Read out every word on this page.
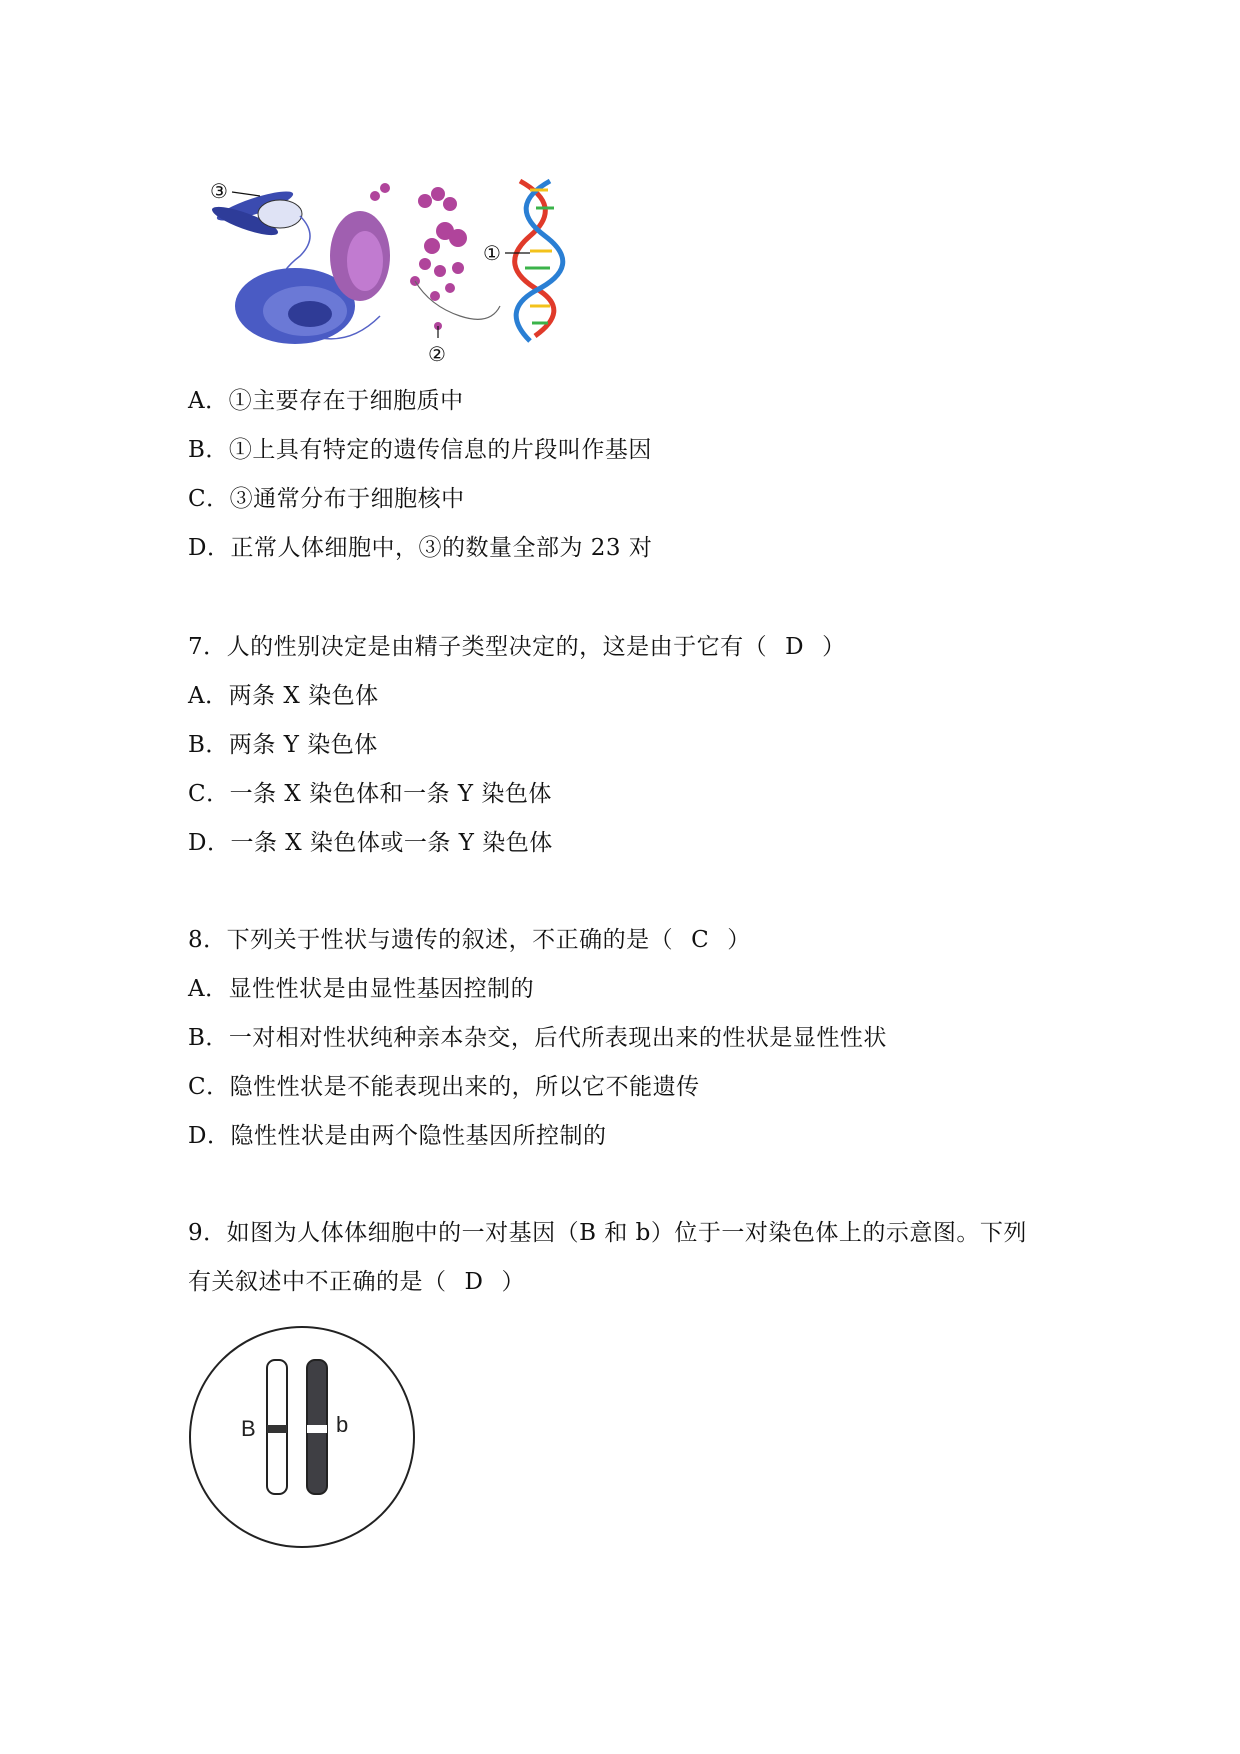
③
①
②
A．①主要存在于细胞质中
B．①上具有特定的遗传信息的片段叫作基因
C．③通常分布于细胞核中
D．正常人体细胞中，③的数量全部为 23 对
7．人的性别决定是由精子类型决定的，这是由于它有（ D ）
A．两条 X 染色体
B．两条 Y 染色体
C．一条 X 染色体和一条 Y 染色体
D．一条 X 染色体或一条 Y 染色体
8．下列关于性状与遗传的叙述，不正确的是（ C ）
A．显性性状是由显性基因控制的
B．一对相对性状纯种亲本杂交，后代所表现出来的性状是显性性状
C．隐性性状是不能表现出来的，所以它不能遗传
D．隐性性状是由两个隐性基因所控制的
9．如图为人体体细胞中的一对基因（B 和 b）位于一对染色体上的示意图。下列
有关叙述中不正确的是（ D ）
B	b
